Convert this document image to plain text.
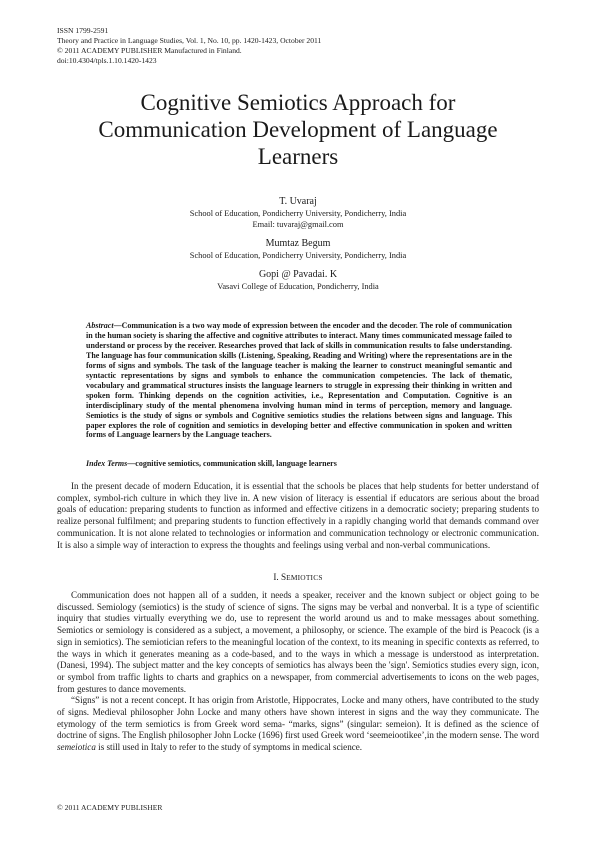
ISSN 1799-2591
Theory and Practice in Language Studies, Vol. 1, No. 10, pp. 1420-1423, October 2011
© 2011 ACADEMY PUBLISHER Manufactured in Finland.
doi:10.4304/tpls.1.10.1420-1423
Cognitive Semiotics Approach for
Communication Development of Language
Learners
T. Uvaraj
School of Education, Pondicherry University, Pondicherry, India
Email: tuvaraj@gmail.com
Mumtaz Begum
School of Education, Pondicherry University, Pondicherry, India
Gopi @ Pavadai. K
Vasavi College of Education, Pondicherry, India
Abstract—Communication is a two way mode of expression between the encoder and the decoder. The role of communication in the human society is sharing the affective and cognitive attributes to interact. Many times communicated message failed to understand or process by the receiver. Researches proved that lack of skills in communication results to false understanding. The language has four communication skills (Listening, Speaking, Reading and Writing) where the representations are in the forms of signs and symbols. The task of the language teacher is making the learner to construct meaningful semantic and syntactic representations by signs and symbols to enhance the communication competencies. The lack of thematic, vocabulary and grammatical structures insists the language learners to struggle in expressing their thinking in written and spoken form. Thinking depends on the cognition activities, i.e., Representation and Computation. Cognitive is an interdisciplinary study of the mental phenomena involving human mind in terms of perception, memory and language. Semiotics is the study of signs or symbols and Cognitive semiotics studies the relations between signs and language. This paper explores the role of cognition and semiotics in developing better and effective communication in spoken and written forms of Language learners by the Language teachers.
Index Terms—cognitive semiotics, communication skill, language learners

In the present decade of modern Education, it is essential that the schools be places that help students for better understand of complex, symbol-rich culture in which they live in. A new vision of literacy is essential if educators are serious about the broad goals of education: preparing students to function as informed and effective citizens in a democratic society; preparing students to realize personal fulfilment; and preparing students to function effectively in a rapidly changing world that demands command over communication. It is not alone related to technologies or information and communication technology or electronic communication. It is also a simple way of interaction to express the thoughts and feelings using verbal and non-verbal communications.

I. SEMIOTICS

Communication does not happen all of a sudden, it needs a speaker, receiver and the known subject or object going to be discussed. Semiology (semiotics) is the study of science of signs. The signs may be verbal and nonverbal. It is a type of scientific inquiry that studies virtually everything we do, use to represent the world around us and to make messages about something. Semiotics or semiology is considered as a subject, a movement, a philosophy, or science. The example of the bird is Peacock (is a sign in semiotics). The semiotician refers to the meaningful location of the context, to its meaning in specific contexts as referred, to the ways in which it generates meaning as a code-based, and to the ways in which a message is understood as interpretation. (Danesi, 1994). The subject matter and the key concepts of semiotics has always been the 'sign'. Semiotics studies every sign, icon, or symbol from traffic lights to charts and graphics on a newspaper, from commercial advertisements to icons on the web pages, from gestures to dance movements.

“Signs” is not a recent concept. It has origin from Aristotle, Hippocrates, Locke and many others, have contributed to the study of signs. Medieval philosopher John Locke and many others have shown interest in signs and the way they communicate. The etymology of the term semiotics is from Greek word sema- “marks, signs” (singular: semeion). It is defined as the science of doctrine of signs. The English philosopher John Locke (1696) first used Greek word ‘seemeiootikee’,in the modern sense. The word semeiotica is still used in Italy to refer to the study of symptoms in medical science.

© 2011 ACADEMY PUBLISHER
